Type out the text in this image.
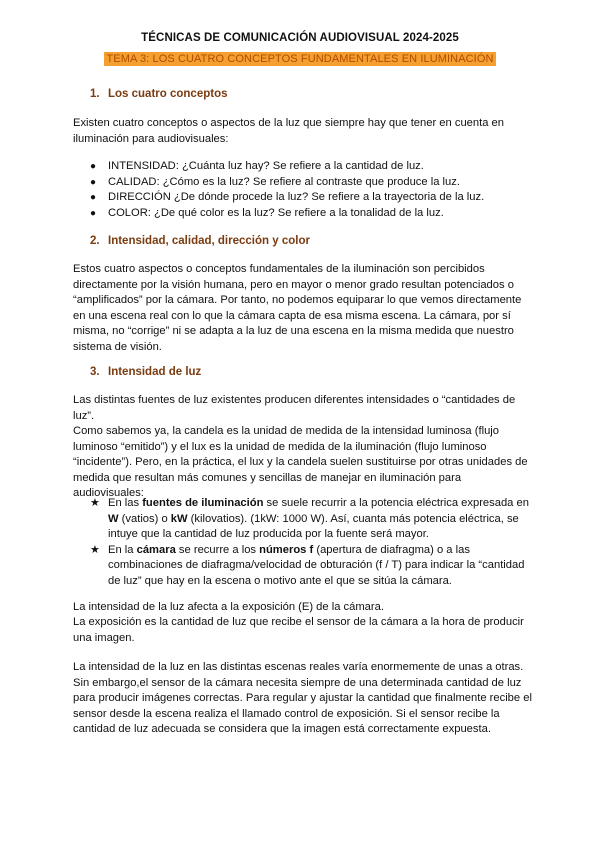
TÉCNICAS DE COMUNICACIÓN AUDIOVISUAL 2024-2025
TEMA 3: LOS CUATRO CONCEPTOS FUNDAMENTALES EN ILUMINACIÓN
1. Los cuatro conceptos

Existen cuatro conceptos o aspectos de la luz que siempre hay que tener en cuenta en iluminación para audiovisuales:

● INTENSIDAD: ¿Cuánta luz hay? Se refiere a la cantidad de luz.
● CALIDAD: ¿Cómo es la luz? Se refiere al contraste que produce la luz.
● DIRECCIÓN ¿De dónde procede la luz? Se refiere a la trayectoria de la luz.
● COLOR: ¿De qué color es la luz? Se refiere a la tonalidad de la luz.
2. Intensidad, calidad, dirección y color

Estos cuatro aspectos o conceptos fundamentales de la iluminación son percibidos directamente por la visión humana, pero en mayor o menor grado resultan potenciados o “amplificados” por la cámara. Por tanto, no podemos equiparar lo que vemos directamente en una escena real con lo que la cámara capta de esa misma escena. La cámara, por sí misma, no “corrige” ni se adapta a la luz de una escena en la misma medida que nuestro sistema de visión.

3. Intensidad de luz

Las distintas fuentes de luz existentes producen diferentes intensidades o “cantidades de luz”.

Como sabemos ya, la candela es la unidad de medida de la intensidad luminosa (flujo luminoso “emitido”) y el lux es la unidad de medida de la iluminación (flujo luminoso “incidente”). Pero, en la práctica, el lux y la candela suelen sustituirse por otras unidades de medida que resultan más comunes y sencillas de manejar en iluminación para audiovisuales:

★ En las fuentes de iluminación se suele recurrir a la potencia eléctrica expresada en W (vatios) o kW (kilovatios). (1kW: 1000 W). Así, cuanta más potencia eléctrica, se intuye que la cantidad de luz producida por la fuente será mayor.
★ En la cámara se recurre a los números f (apertura de diafragma) o a las combinaciones de diafragma/velocidad de obturación (f / T) para indicar la “cantidad de luz” que hay en la escena o motivo ante el que se sitúa la cámara.

La intensidad de la luz afecta a la exposición (E) de la cámara.

La exposición es la cantidad de luz que recibe el sensor de la cámara a la hora de producir una imagen.

La intensidad de la luz en las distintas escenas reales varía enormemente de unas a otras. Sin embargo,el sensor de la cámara necesita siempre de una determinada cantidad de luz para producir imágenes correctas. Para regular y ajustar la cantidad que finalmente recibe el sensor desde la escena realiza el llamado control de exposición. Si el sensor recibe la cantidad de luz adecuada se considera que la imagen está correctamente expuesta.
